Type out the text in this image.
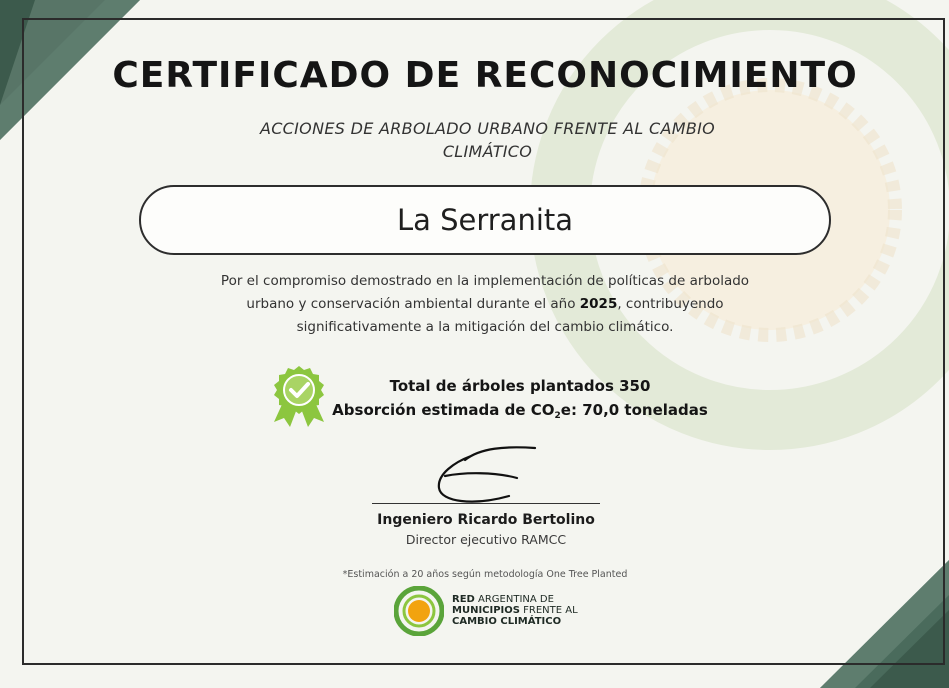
CERTIFICADO DE RECONOCIMIENTO
ACCIONES DE ARBOLADO URBANO FRENTE AL CAMBIO CLIMÁTICO
La Serranita
Por el compromiso demostrado en la implementación de políticas de arbolado urbano y conservación ambiental durante el año 2025, contribuyendo significativamente a la mitigación del cambio climático.
Total de árboles plantados 350
Absorción estimada de $CO_2e$: 70,0 toneladas
Ingeniero Ricardo Bertolino
Director ejecutivo RAMCC
*Estimación a 20 años según metodología One Tree Planted
RED ARGENTINA DE
MUNICIPIOS FRENTE AL
CAMBIO CLIMÁTICO
